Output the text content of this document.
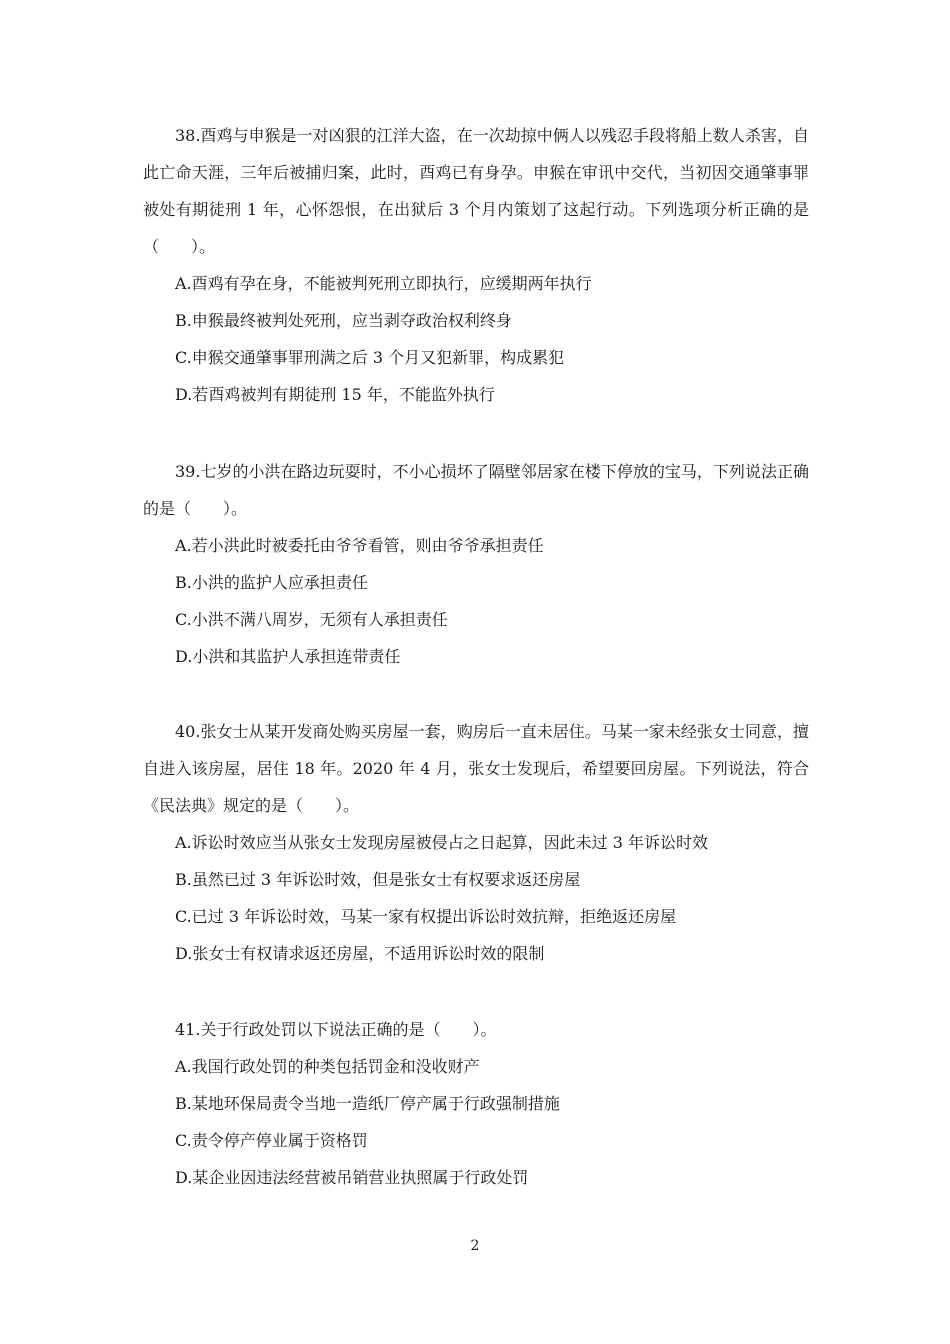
38.酉鸡与申猴是一对凶狠的江洋大盗，在一次劫掠中俩人以残忍手段将船上数人杀害，自此亡命天涯，三年后被捕归案，此时，酉鸡已有身孕。申猴在审讯中交代，当初因交通肇事罪被处有期徒刑 1 年，心怀怨恨，在出狱后 3 个月内策划了这起行动。下列选项分析正确的是（　　）。

A.酉鸡有孕在身，不能被判死刑立即执行，应缓期两年执行

B.申猴最终被判处死刑，应当剥夺政治权利终身

C.申猴交通肇事罪刑满之后 3 个月又犯新罪，构成累犯

D.若酉鸡被判有期徒刑 15 年，不能监外执行

39.七岁的小洪在路边玩耍时，不小心损坏了隔壁邻居家在楼下停放的宝马，下列说法正确的是（　　）。

A.若小洪此时被委托由爷爷看管，则由爷爷承担责任

B.小洪的监护人应承担责任

C.小洪不满八周岁，无须有人承担责任

D.小洪和其监护人承担连带责任

40.张女士从某开发商处购买房屋一套，购房后一直未居住。马某一家未经张女士同意，擅自进入该房屋，居住 18 年。2020 年 4 月，张女士发现后，希望要回房屋。下列说法，符合《民法典》规定的是（　　）。

A.诉讼时效应当从张女士发现房屋被侵占之日起算，因此未过 3 年诉讼时效

B.虽然已过 3 年诉讼时效，但是张女士有权要求返还房屋

C.已过 3 年诉讼时效，马某一家有权提出诉讼时效抗辩，拒绝返还房屋

D.张女士有权请求返还房屋，不适用诉讼时效的限制

41.关于行政处罚以下说法正确的是（　　）。

A.我国行政处罚的种类包括罚金和没收财产

B.某地环保局责令当地一造纸厂停产属于行政强制措施

C.责令停产停业属于资格罚

D.某企业因违法经营被吊销营业执照属于行政处罚

2
